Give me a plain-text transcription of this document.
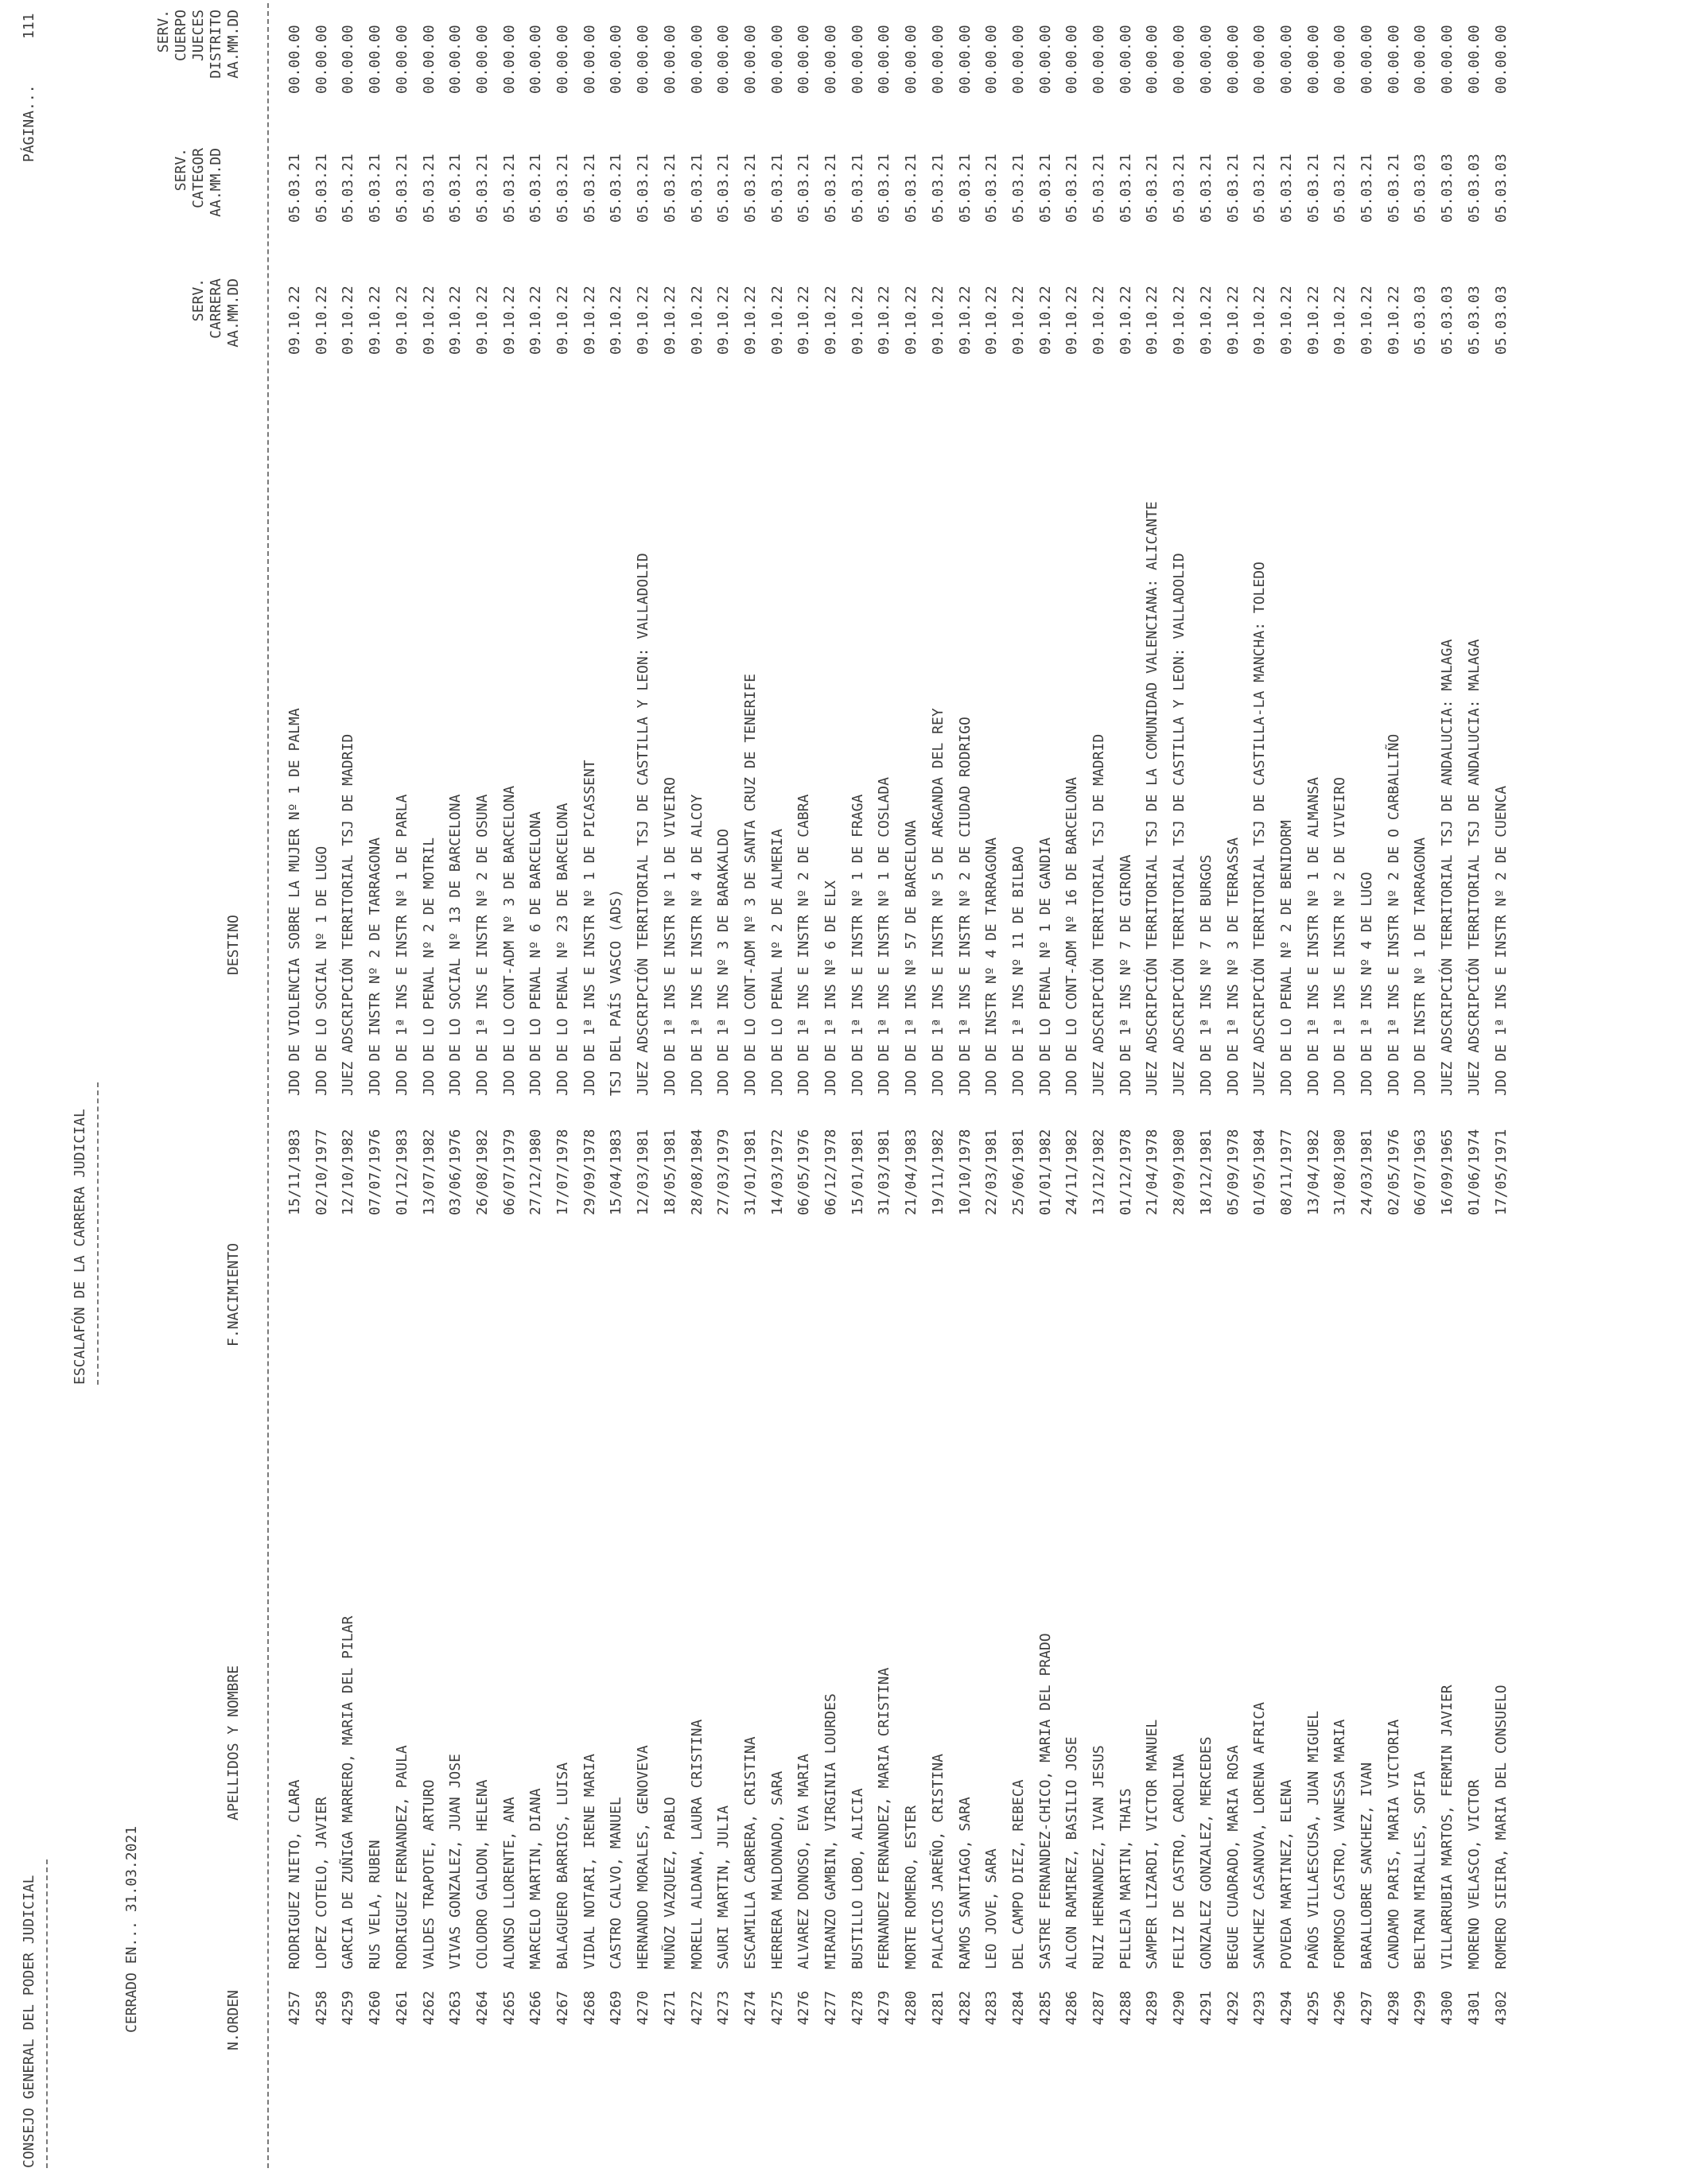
CONSEJO GENERAL DEL PODER JUDICIAL
PÁGINA...
111
ESCALAFÓN DE LA CARRERA JUDICIAL
CERRADO EN... 31.03.2021	N.ORDEN
APELLIDOS Y NOMBRE
F.NACIMIENTO
DESTINO
SERV. CARRERA AA.MM.DD
SERV. CATEGOR AA.MM.DD
SERV. CUERPO JUECES DISTRITO AA.MM.DD
4257
RODRIGUEZ NIETO, CLARA
15/11/1983
JDO DE VIOLENCIA SOBRE LA MUJER Nº 1 DE PALMA
09.10.22
05.03.21
00.00.00
4258
LOPEZ COTELO, JAVIER
02/10/1977
JDO DE LO SOCIAL Nº 1 DE LUGO
09.10.22
05.03.21
00.00.00
4259
GARCIA DE ZUÑIGA MARRERO, MARIA DEL PILAR
12/10/1982
JUEZ ADSCRIPCIÓN TERRITORIAL TSJ DE MADRID
09.10.22
05.03.21
00.00.00
4260
RUS VELA, RUBEN
07/07/1976
JDO DE INSTR Nº 2 DE TARRAGONA
09.10.22
05.03.21
00.00.00
4261
RODRIGUEZ FERNANDEZ, PAULA
01/12/1983
JDO DE 1ª INS E INSTR Nº 1 DE PARLA
09.10.22
05.03.21
00.00.00
4262
VALDES TRAPOTE, ARTURO
13/07/1982
JDO DE LO PENAL Nº 2 DE MOTRIL
09.10.22
05.03.21
00.00.00
4263
VIVAS GONZALEZ, JUAN JOSE
03/06/1976
JDO DE LO SOCIAL Nº 13 DE BARCELONA
09.10.22
05.03.21
00.00.00
4264
COLODRO GALDON, HELENA
26/08/1982
JDO DE 1ª INS E INSTR Nº 2 DE OSUNA
09.10.22
05.03.21
00.00.00
4265
ALONSO LLORENTE, ANA
06/07/1979
JDO DE LO CONT-ADM Nº 3 DE BARCELONA
09.10.22
05.03.21
00.00.00
4266
MARCELO MARTIN, DIANA
27/12/1980
JDO DE LO PENAL Nº 6 DE BARCELONA
09.10.22
05.03.21
00.00.00
4267
BALAGUERO BARRIOS, LUISA
17/07/1978
JDO DE LO PENAL Nº 23 DE BARCELONA
09.10.22
05.03.21
00.00.00
4268
VIDAL NOTARI, IRENE MARIA
29/09/1978
JDO DE 1ª INS E INSTR Nº 1 DE PICASSENT
09.10.22
05.03.21
00.00.00
4269
CASTRO CALVO, MANUEL
15/04/1983
TSJ DEL PAÍS VASCO (ADS)
09.10.22
05.03.21
00.00.00
4270
HERNANDO MORALES, GENOVEVA
12/03/1981
JUEZ ADSCRIPCIÓN TERRITORIAL TSJ DE CASTILLA Y LEON: VALLADOLID
09.10.22
05.03.21
00.00.00
4271
MUÑOZ VAZQUEZ, PABLO
18/05/1981
JDO DE 1ª INS E INSTR Nº 1 DE VIVEIRO
09.10.22
05.03.21
00.00.00
4272
MORELL ALDANA, LAURA CRISTINA
28/08/1984
JDO DE 1ª INS E INSTR Nº 4 DE ALCOY
09.10.22
05.03.21
00.00.00
4273
SAURI MARTIN, JULIA
27/03/1979
JDO DE 1ª INS Nº 3 DE BARAKALDO
09.10.22
05.03.21
00.00.00
4274
ESCAMILLA CABRERA, CRISTINA
31/01/1981
JDO DE LO CONT-ADM Nº 3 DE SANTA CRUZ DE TENERIFE
09.10.22
05.03.21
00.00.00
4275
HERRERA MALDONADO, SARA
14/03/1972
JDO DE LO PENAL Nº 2 DE ALMERIA
09.10.22
05.03.21
00.00.00
4276
ALVAREZ DONOSO, EVA MARIA
06/05/1976
JDO DE 1ª INS E INSTR Nº 2 DE CABRA
09.10.22
05.03.21
00.00.00
4277
MIRANZO GAMBIN, VIRGINIA LOURDES
06/12/1978
JDO DE 1ª INS Nº 6 DE ELX
09.10.22
05.03.21
00.00.00
4278
BUSTILLO LOBO, ALICIA
15/01/1981
JDO DE 1ª INS E INSTR Nº 1 DE FRAGA
09.10.22
05.03.21
00.00.00
4279
FERNANDEZ FERNANDEZ, MARIA CRISTINA
31/03/1981
JDO DE 1ª INS E INSTR Nº 1 DE COSLADA
09.10.22
05.03.21
00.00.00
4280
MORTE ROMERO, ESTER
21/04/1983
JDO DE 1ª INS Nº 57 DE BARCELONA
09.10.22
05.03.21
00.00.00
4281
PALACIOS JAREÑO, CRISTINA
19/11/1982
JDO DE 1ª INS E INSTR Nº 5 DE ARGANDA DEL REY
09.10.22
05.03.21
00.00.00
4282
RAMOS SANTIAGO, SARA
10/10/1978
JDO DE 1ª INS E INSTR Nº 2 DE CIUDAD RODRIGO
09.10.22
05.03.21
00.00.00
4283
LEO JOVE, SARA
22/03/1981
JDO DE INSTR Nº 4 DE TARRAGONA
09.10.22
05.03.21
00.00.00
4284
DEL CAMPO DIEZ, REBECA
25/06/1981
JDO DE 1ª INS Nº 11 DE BILBAO
09.10.22
05.03.21
00.00.00
4285
SASTRE FERNANDEZ-CHICO, MARIA DEL PRADO
01/01/1982
JDO DE LO PENAL Nº 1 DE GANDIA
09.10.22
05.03.21
00.00.00
4286
ALCON RAMIREZ, BASILIO JOSE
24/11/1982
JDO DE LO CONT-ADM Nº 16 DE BARCELONA
09.10.22
05.03.21
00.00.00
4287
RUIZ HERNANDEZ, IVAN JESUS
13/12/1982
JUEZ ADSCRIPCIÓN TERRITORIAL TSJ DE MADRID
09.10.22
05.03.21
00.00.00
4288
PELLEJA MARTIN, THAIS
01/12/1978
JDO DE 1ª INS Nº 7 DE GIRONA
09.10.22
05.03.21
00.00.00
4289
SAMPER LIZARDI, VICTOR MANUEL
21/04/1978
JUEZ ADSCRIPCIÓN TERRITORIAL TSJ DE LA COMUNIDAD VALENCIANA: ALICANTE
09.10.22
05.03.21
00.00.00
4290
FELIZ DE CASTRO, CAROLINA
28/09/1980
JUEZ ADSCRIPCIÓN TERRITORIAL TSJ DE CASTILLA Y LEON: VALLADOLID
09.10.22
05.03.21
00.00.00
4291
GONZALEZ GONZALEZ, MERCEDES
18/12/1981
JDO DE 1ª INS Nº 7 DE BURGOS
09.10.22
05.03.21
00.00.00
4292
BEGUE CUADRADO, MARIA ROSA
05/09/1978
JDO DE 1ª INS Nº 3 DE TERRASSA
09.10.22
05.03.21
00.00.00
4293
SANCHEZ CASANOVA, LORENA AFRICA
01/05/1984
JUEZ ADSCRIPCIÓN TERRITORIAL TSJ DE CASTILLA-LA MANCHA: TOLEDO
09.10.22
05.03.21
00.00.00
4294
POVEDA MARTINEZ, ELENA
08/11/1977
JDO DE LO PENAL Nº 2 DE BENIDORM
09.10.22
05.03.21
00.00.00
4295
PAÑOS VILLAESCUSA, JUAN MIGUEL
13/04/1982
JDO DE 1ª INS E INSTR Nº 1 DE ALMANSA
09.10.22
05.03.21
00.00.00
4296
FORMOSO CASTRO, VANESSA MARIA
31/08/1980
JDO DE 1ª INS E INSTR Nº 2 DE VIVEIRO
09.10.22
05.03.21
00.00.00
4297
BARALLOBRE SANCHEZ, IVAN
24/03/1981
JDO DE 1ª INS Nº 4 DE LUGO
09.10.22
05.03.21
00.00.00
4298
CANDAMO PARIS, MARIA VICTORIA
02/05/1976
JDO DE 1ª INS E INSTR Nº 2 DE O CARBALLIÑO
09.10.22
05.03.21
00.00.00
4299
BELTRAN MIRALLES, SOFIA
06/07/1963
JDO DE INSTR Nº 1 DE TARRAGONA
05.03.03
05.03.03
00.00.00
4300
VILLARRUBIA MARTOS, FERMIN JAVIER
16/09/1965
JUEZ ADSCRIPCIÓN TERRITORIAL TSJ DE ANDALUCIA: MALAGA
05.03.03
05.03.03
00.00.00
4301
MORENO VELASCO, VICTOR
01/06/1974
JUEZ ADSCRIPCIÓN TERRITORIAL TSJ DE ANDALUCIA: MALAGA
05.03.03
05.03.03
00.00.00
4302
ROMERO SIEIRA, MARIA DEL CONSUELO
17/05/1971
JDO DE 1ª INS E INSTR Nº 2 DE CUENCA
05.03.03
05.03.03
00.00.00
